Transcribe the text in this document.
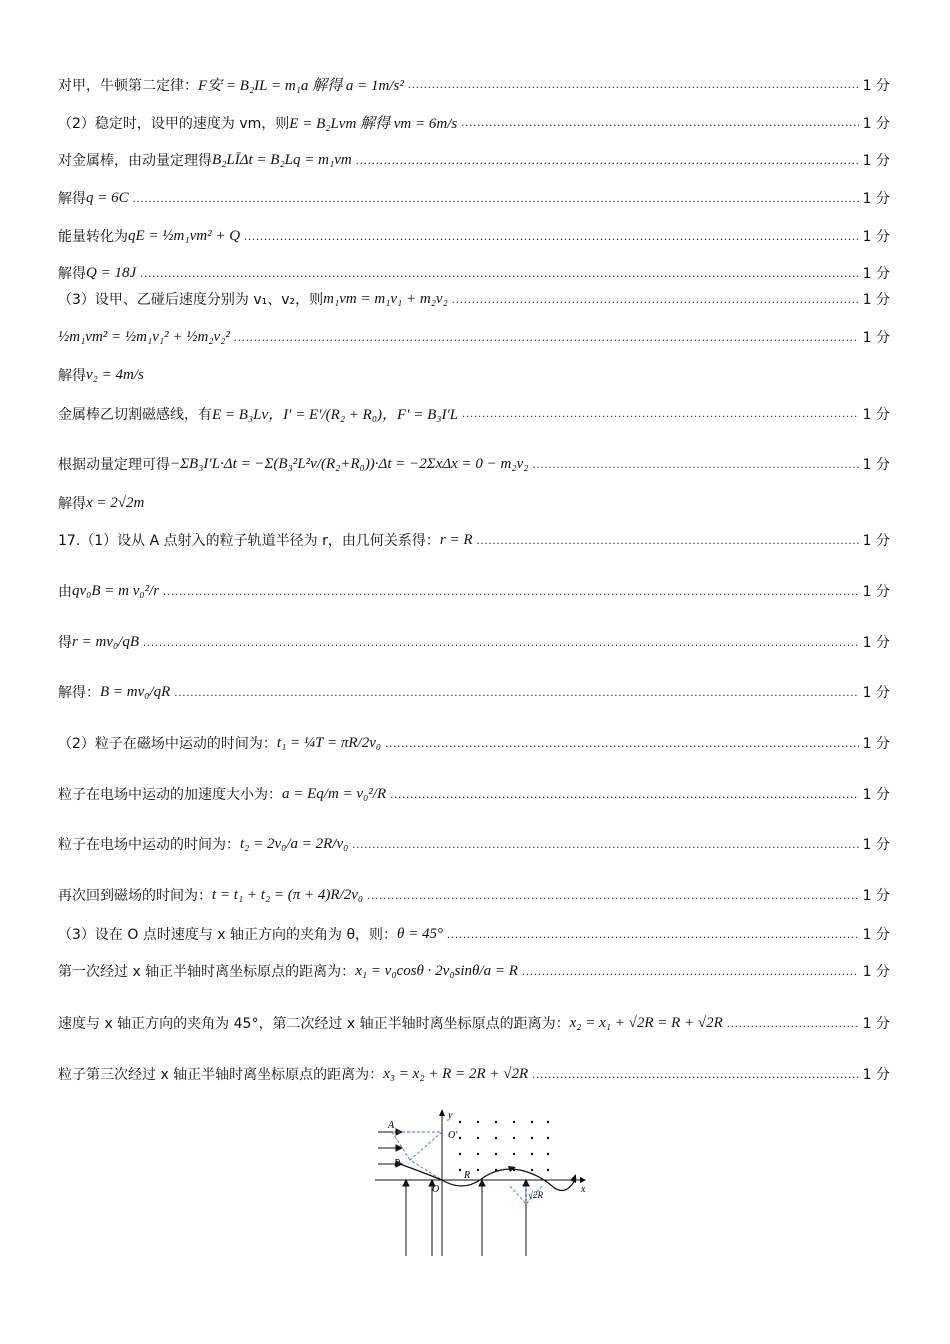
对甲，牛顿第二定律： F安 = B₂IL = m₁a 解得 a = 1m/s² .....	1 分
（2）稳定时，设甲的速度为 vm，则 E = B₂Lvm 解得 vm = 6m/s .....	1 分
对金属棒，由动量定理得 B₂LĪΔt = B₂Lq = m₁vm .....	1 分
解得 q = 6C .....	1 分
能量转化为 qE = ½m₁vm² + Q .....	1 分
解得 Q = 18J .....	1 分
（3）设甲、乙碰后速度分别为 v₁、v₂，则 m₁vm = m₁v₁ + m₂v₂ .....	1 分
½m₁vm² = ½m₁v₁² + ½m₂v₂² .....	1 分
解得 v₂ = 4m/s
金属棒乙切割磁感线，有 E = B₃Lv，I′ = E′/(R₂ + R₀)，F′ = B₃I′L .....	1 分
根据动量定理可得 −ΣB₃I′L·Δt = −Σ(B₃²L²v/(R₂+R₀))·Δt = −2ΣxΔx = 0 − m₂v₂ .....	1 分
解得 x = 2√2m
17.（1）设从 A 点射入的粒子轨道半径为 r，由几何关系得： r = R .....	1 分
由 qv₀B = m v₀²/r .....	1 分
得 r = mv₀/qB .....	1 分
解得： B = mv₀/qR .....	1 分
（2）粒子在磁场中运动的时间为： t₁ = ¼T = πR/2v₀ .....	1 分
粒子在电场中运动的加速度大小为： a = Eq/m = v₀²/R .....	1 分
粒子在电场中运动的时间为： t₂ = 2v₀/a = 2R/v₀ .....	1 分
再次回到磁场的时间为： t = t₁ + t₂ = (π + 4)R/2v₀ .....	1 分
（3）设在 O 点时速度与 x 轴正方向的夹角为 θ，则： θ = 45° .....	1 分
第一次经过 x 轴正半轴时离坐标原点的距离为： x₁ = v₀cosθ · 2v₀sinθ/a = R .....	1 分
速度与 x 轴正方向的夹角为 45°，第二次经过 x 轴正半轴时离坐标原点的距离为： x₂ = x₁ + √2R = R + √2R .....	1 分
粒子第三次经过 x 轴正半轴时离坐标原点的距离为： x₃ = x₂ + R = 2R + √2R .....	1 分
y
x
A
P
O
O′
R
√2R
